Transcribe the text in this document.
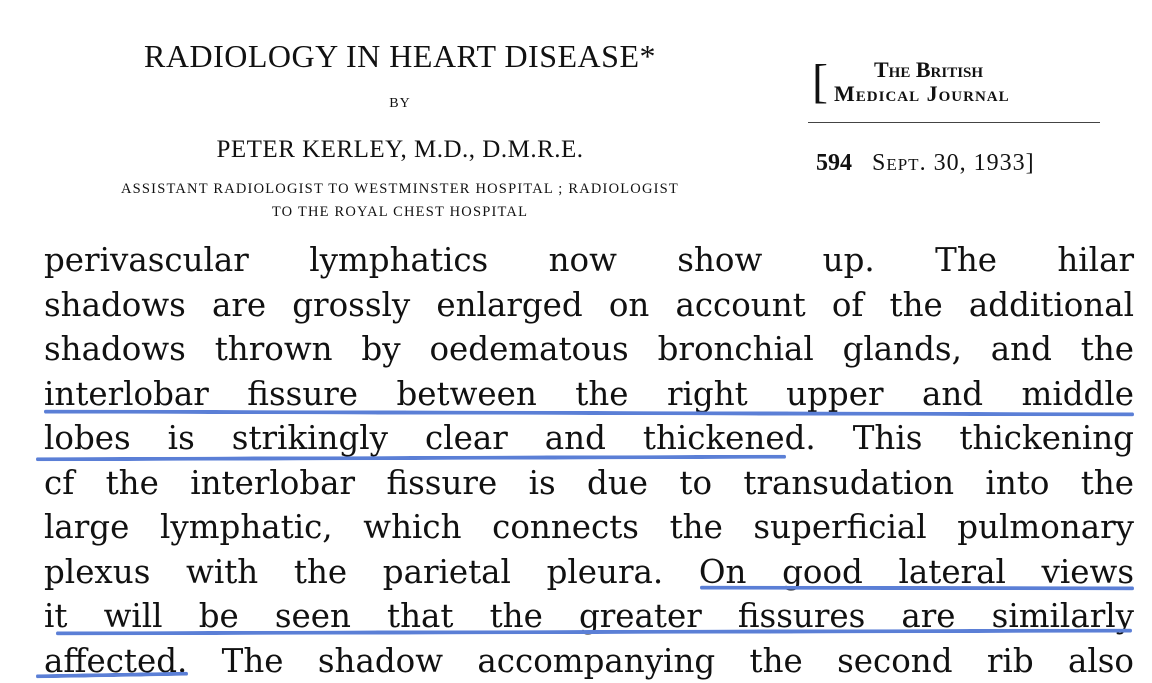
RADIOLOGY IN HEART DISEASE*
BY
PETER KERLEY, M.D., D.M.R.E.
ASSISTANT RADIOLOGIST TO WESTMINSTER HOSPITAL ; RADIOLOGIST
TO THE ROYAL CHEST HOSPITAL
[	The British
Medical Journal
594 Sept. 30, 1933]
perivascular lymphatics now show up. The hilar
shadows are grossly enlarged on account of the additional
shadows thrown by oedematous bronchial glands, and the
interlobar fissure between the right upper and middle
lobes is strikingly clear and thickened. This thickening
cf the interlobar fissure is due to transudation into the
large lymphatic, which connects the superficial pulmonary
plexus with the parietal pleura. On good lateral views
it will be seen that the greater fissures are similarly
affected. The shadow accompanying the second rib also
